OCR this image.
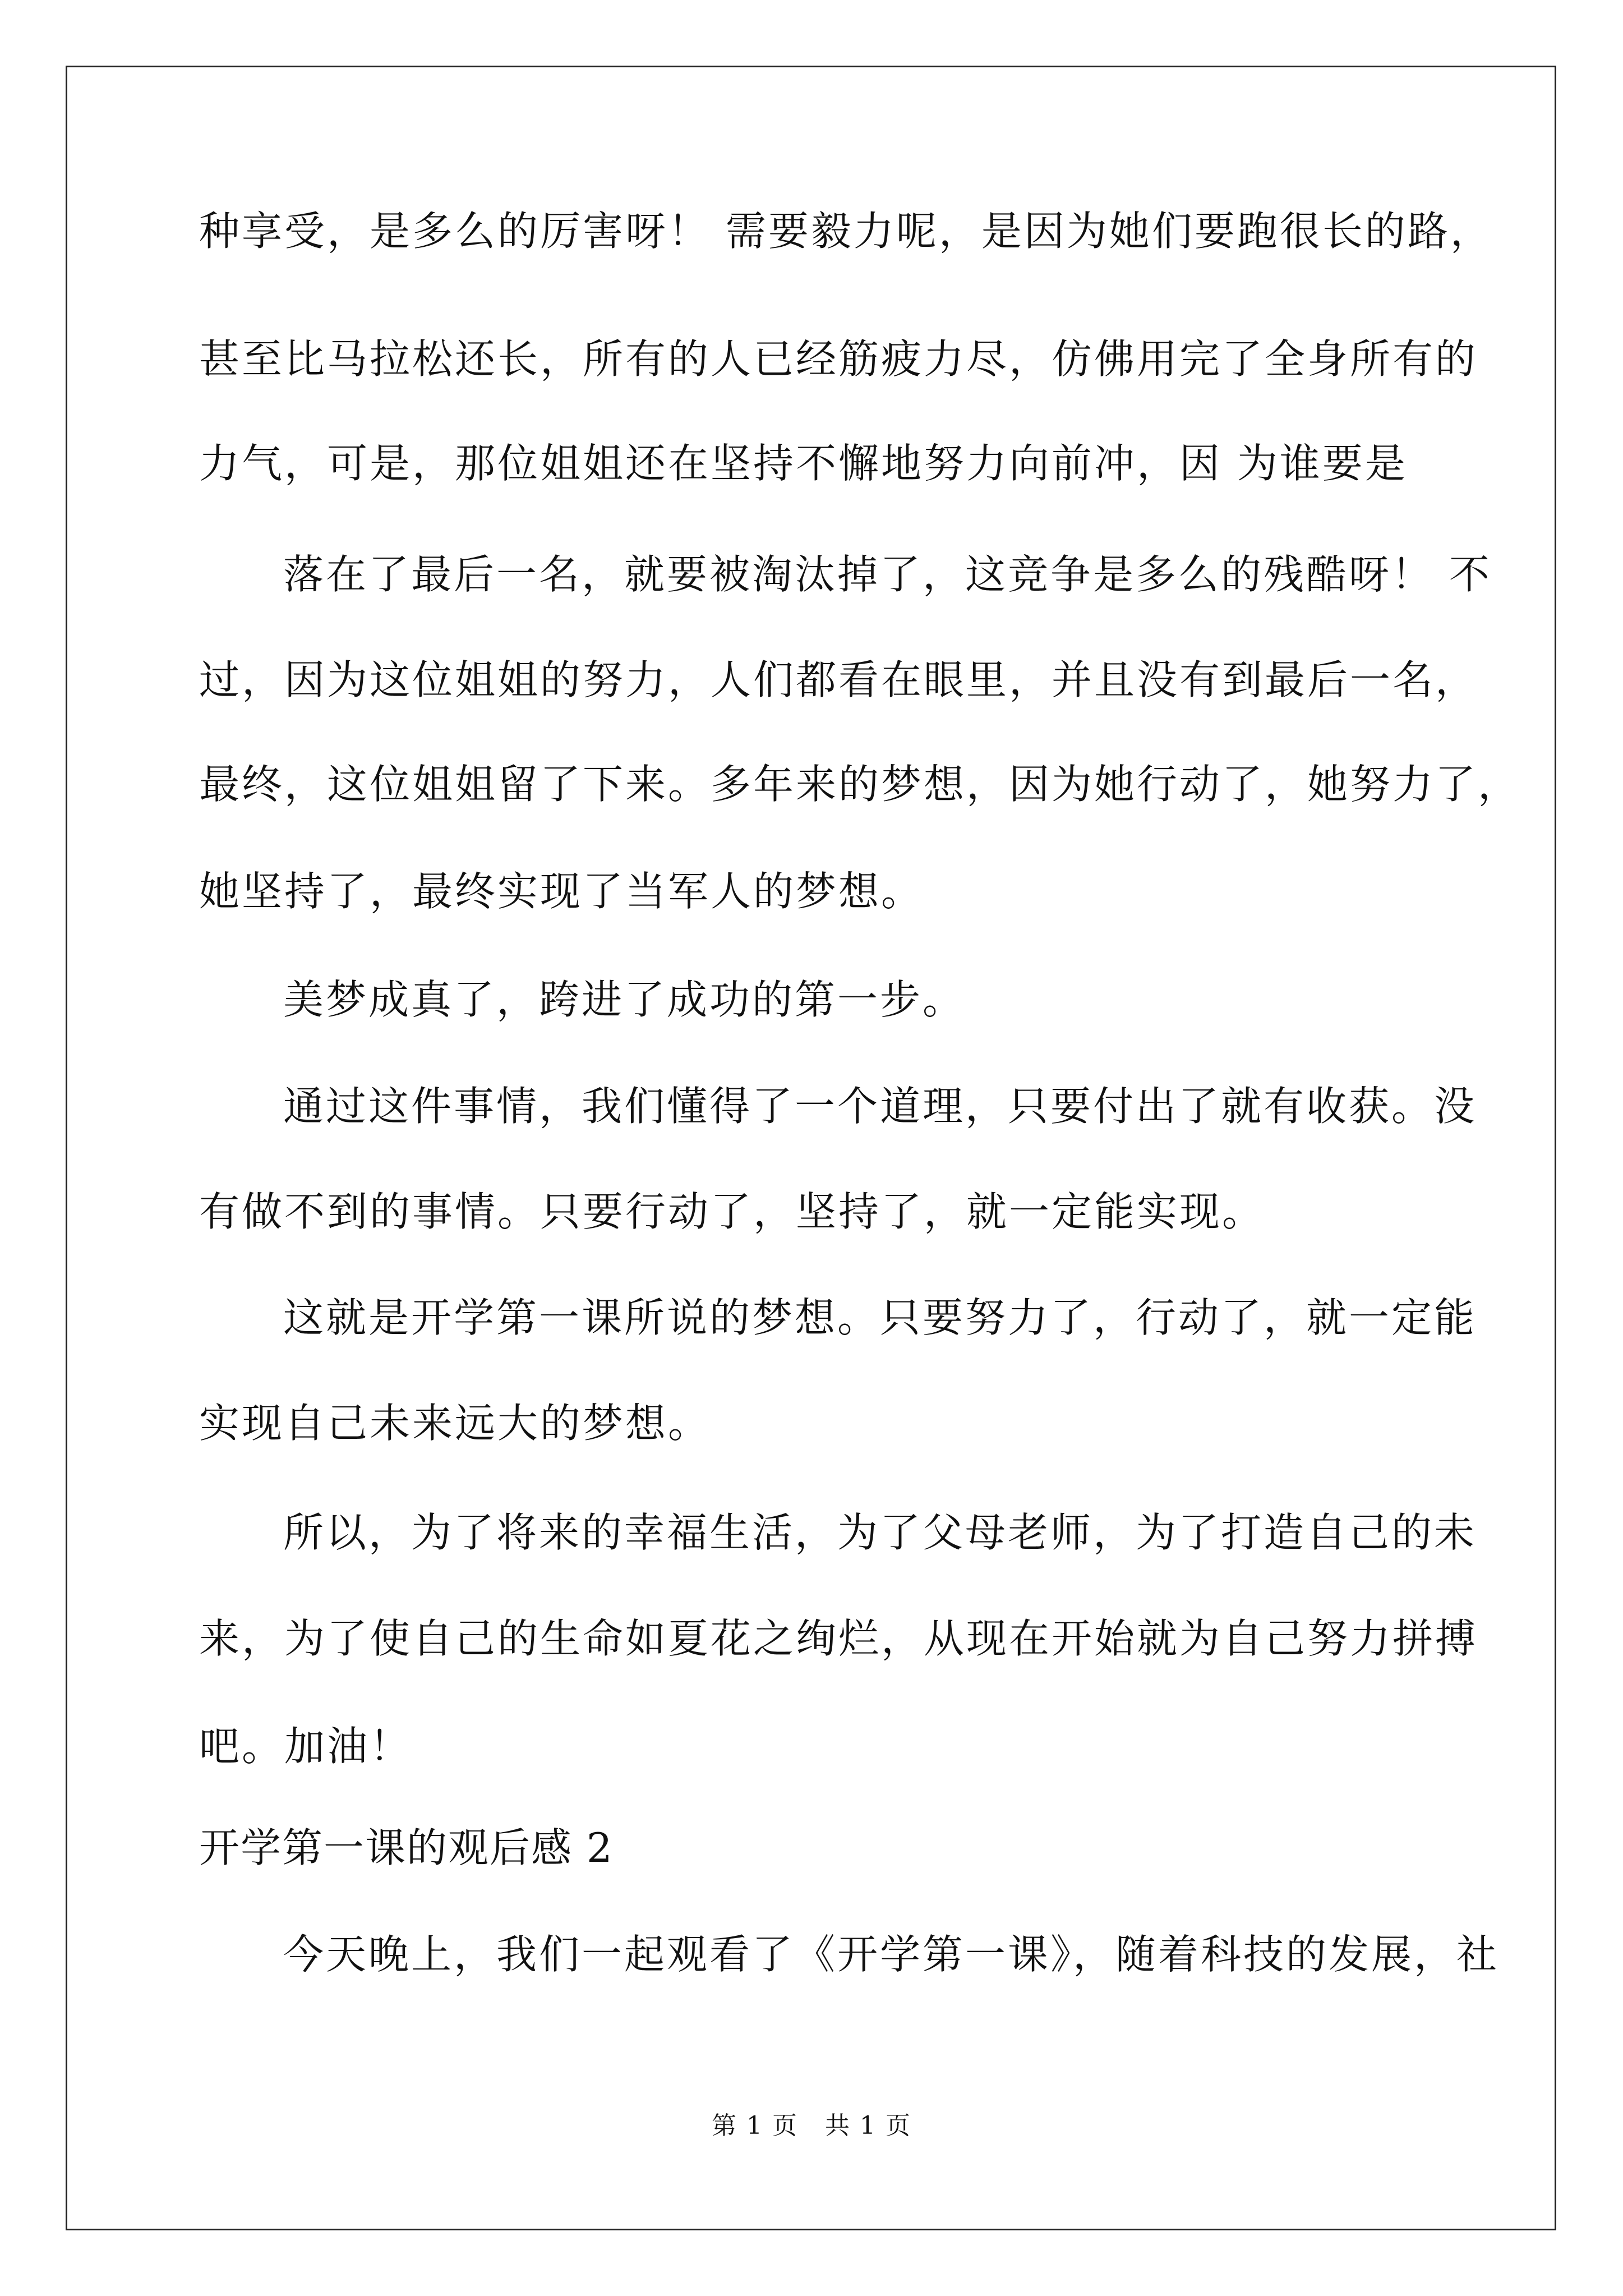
种享受，是多么的厉害呀！ 需要毅力呢，是因为她们要跑很长的路，
甚至比马拉松还长，所有的人已经筋疲力尽，仿佛用完了全身所有的
力气，可是，那位姐姐还在坚持不懈地努力向前冲，因 为谁要是
落在了最后一名，就要被淘汰掉了，这竞争是多么的残酷呀！ 不
过，因为这位姐姐的努力，人们都看在眼里，并且没有到最后一名，
最终，这位姐姐留了下来。多年来的梦想，因为她行动了，她努力了，
她坚持了，最终实现了当军人的梦想。
美梦成真了，跨进了成功的第一步。
通过这件事情，我们懂得了一个道理，只要付出了就有收获。没
有做不到的事情。只要行动了，坚持了，就一定能实现。
这就是开学第一课所说的梦想。只要努力了，行动了，就一定能
实现自己未来远大的梦想。
所以，为了将来的幸福生活，为了父母老师，为了打造自己的未
来，为了使自己的生命如夏花之绚烂，从现在开始就为自己努力拼搏
吧。加油！
开学第一课的观后感 2
今天晚上，我们一起观看了《开学第一课》，随着科技的发展，社
第 1 页   共 1 页
